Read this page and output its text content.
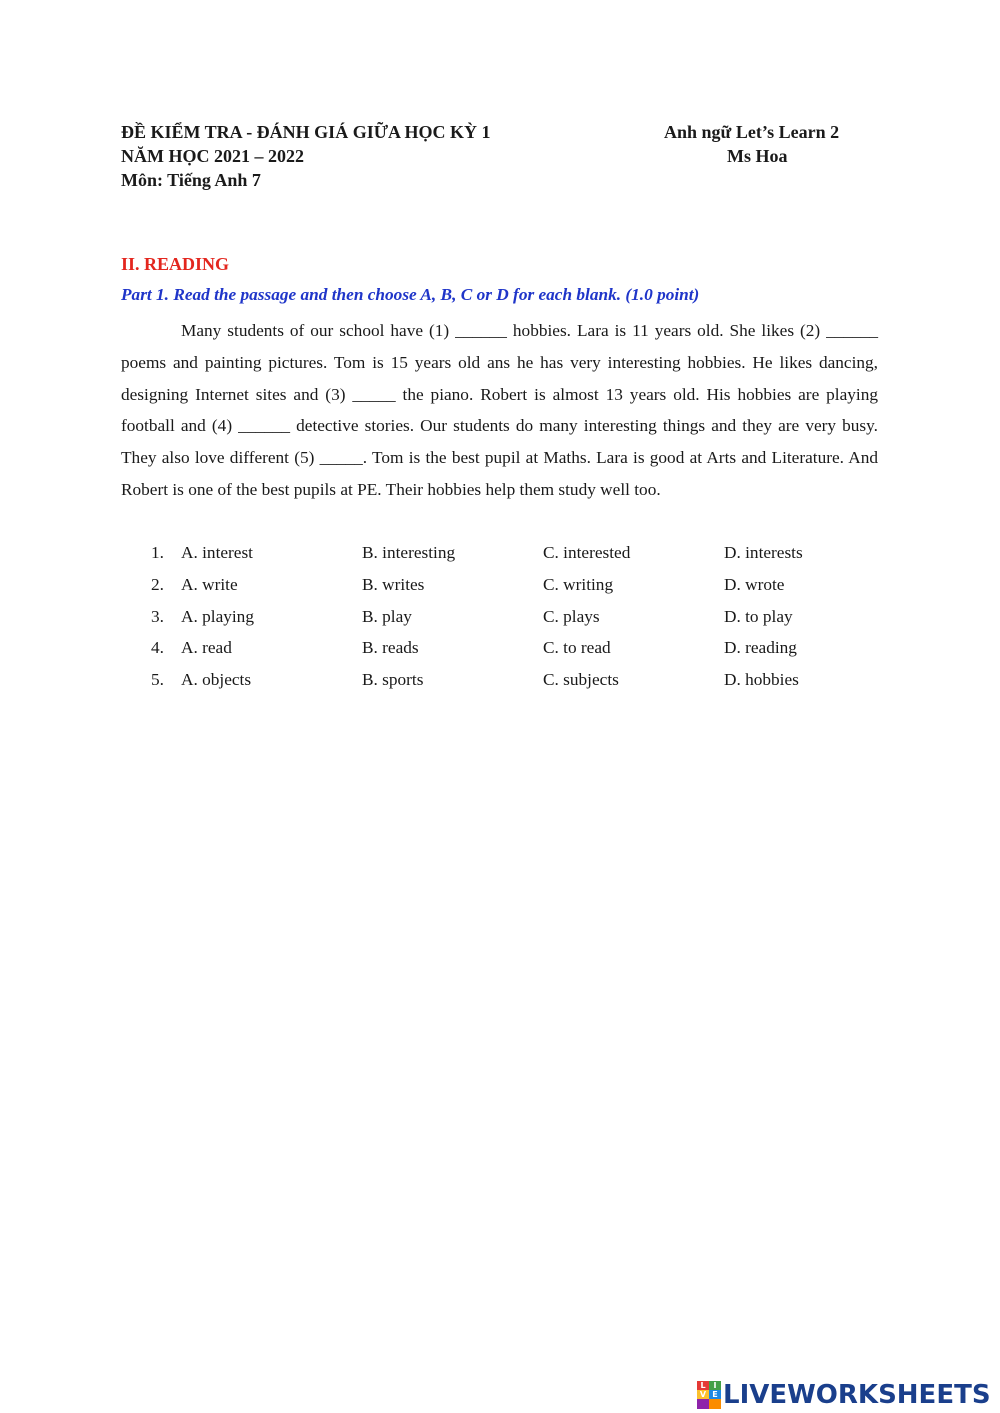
ĐỀ KIỂM TRA - ĐÁNH GIÁ GIỮA HỌC KỲ 1
NĂM HỌC 2021 – 2022
Môn: Tiếng Anh 7
Anh ngữ Let’s Learn 2
Ms Hoa
II. READING
Part 1. Read the passage and then choose A, B, C or D for each blank. (1.0 point)

Many students of our school have (1) ______ hobbies. Lara is 11 years old. She likes (2) ______ poems and painting pictures. Tom is 15 years old ans he has very interesting hobbies. He likes dancing, designing Internet sites and (3) _____ the piano. Robert is almost 13 years old. His hobbies are playing football and (4) ______ detective stories. Our students do many interesting things and they are very busy. They also love different (5) _____. Tom is the best pupil at Maths. Lara is good at Arts and Literature. And Robert is one of the best pupils at PE. Their hobbies help them study well too.

1. A. interest	B. interesting	C. interested	D. interests
2. A. write	B. writes	C. writing	D. wrote
3. A. playing	B. play	C. plays	D. to play
4. A. read	B. reads	C. to read	D. reading
5. A. objects	B. sports	C. subjects	D. hobbies
L I
V E LIVEWORKSHEETS
